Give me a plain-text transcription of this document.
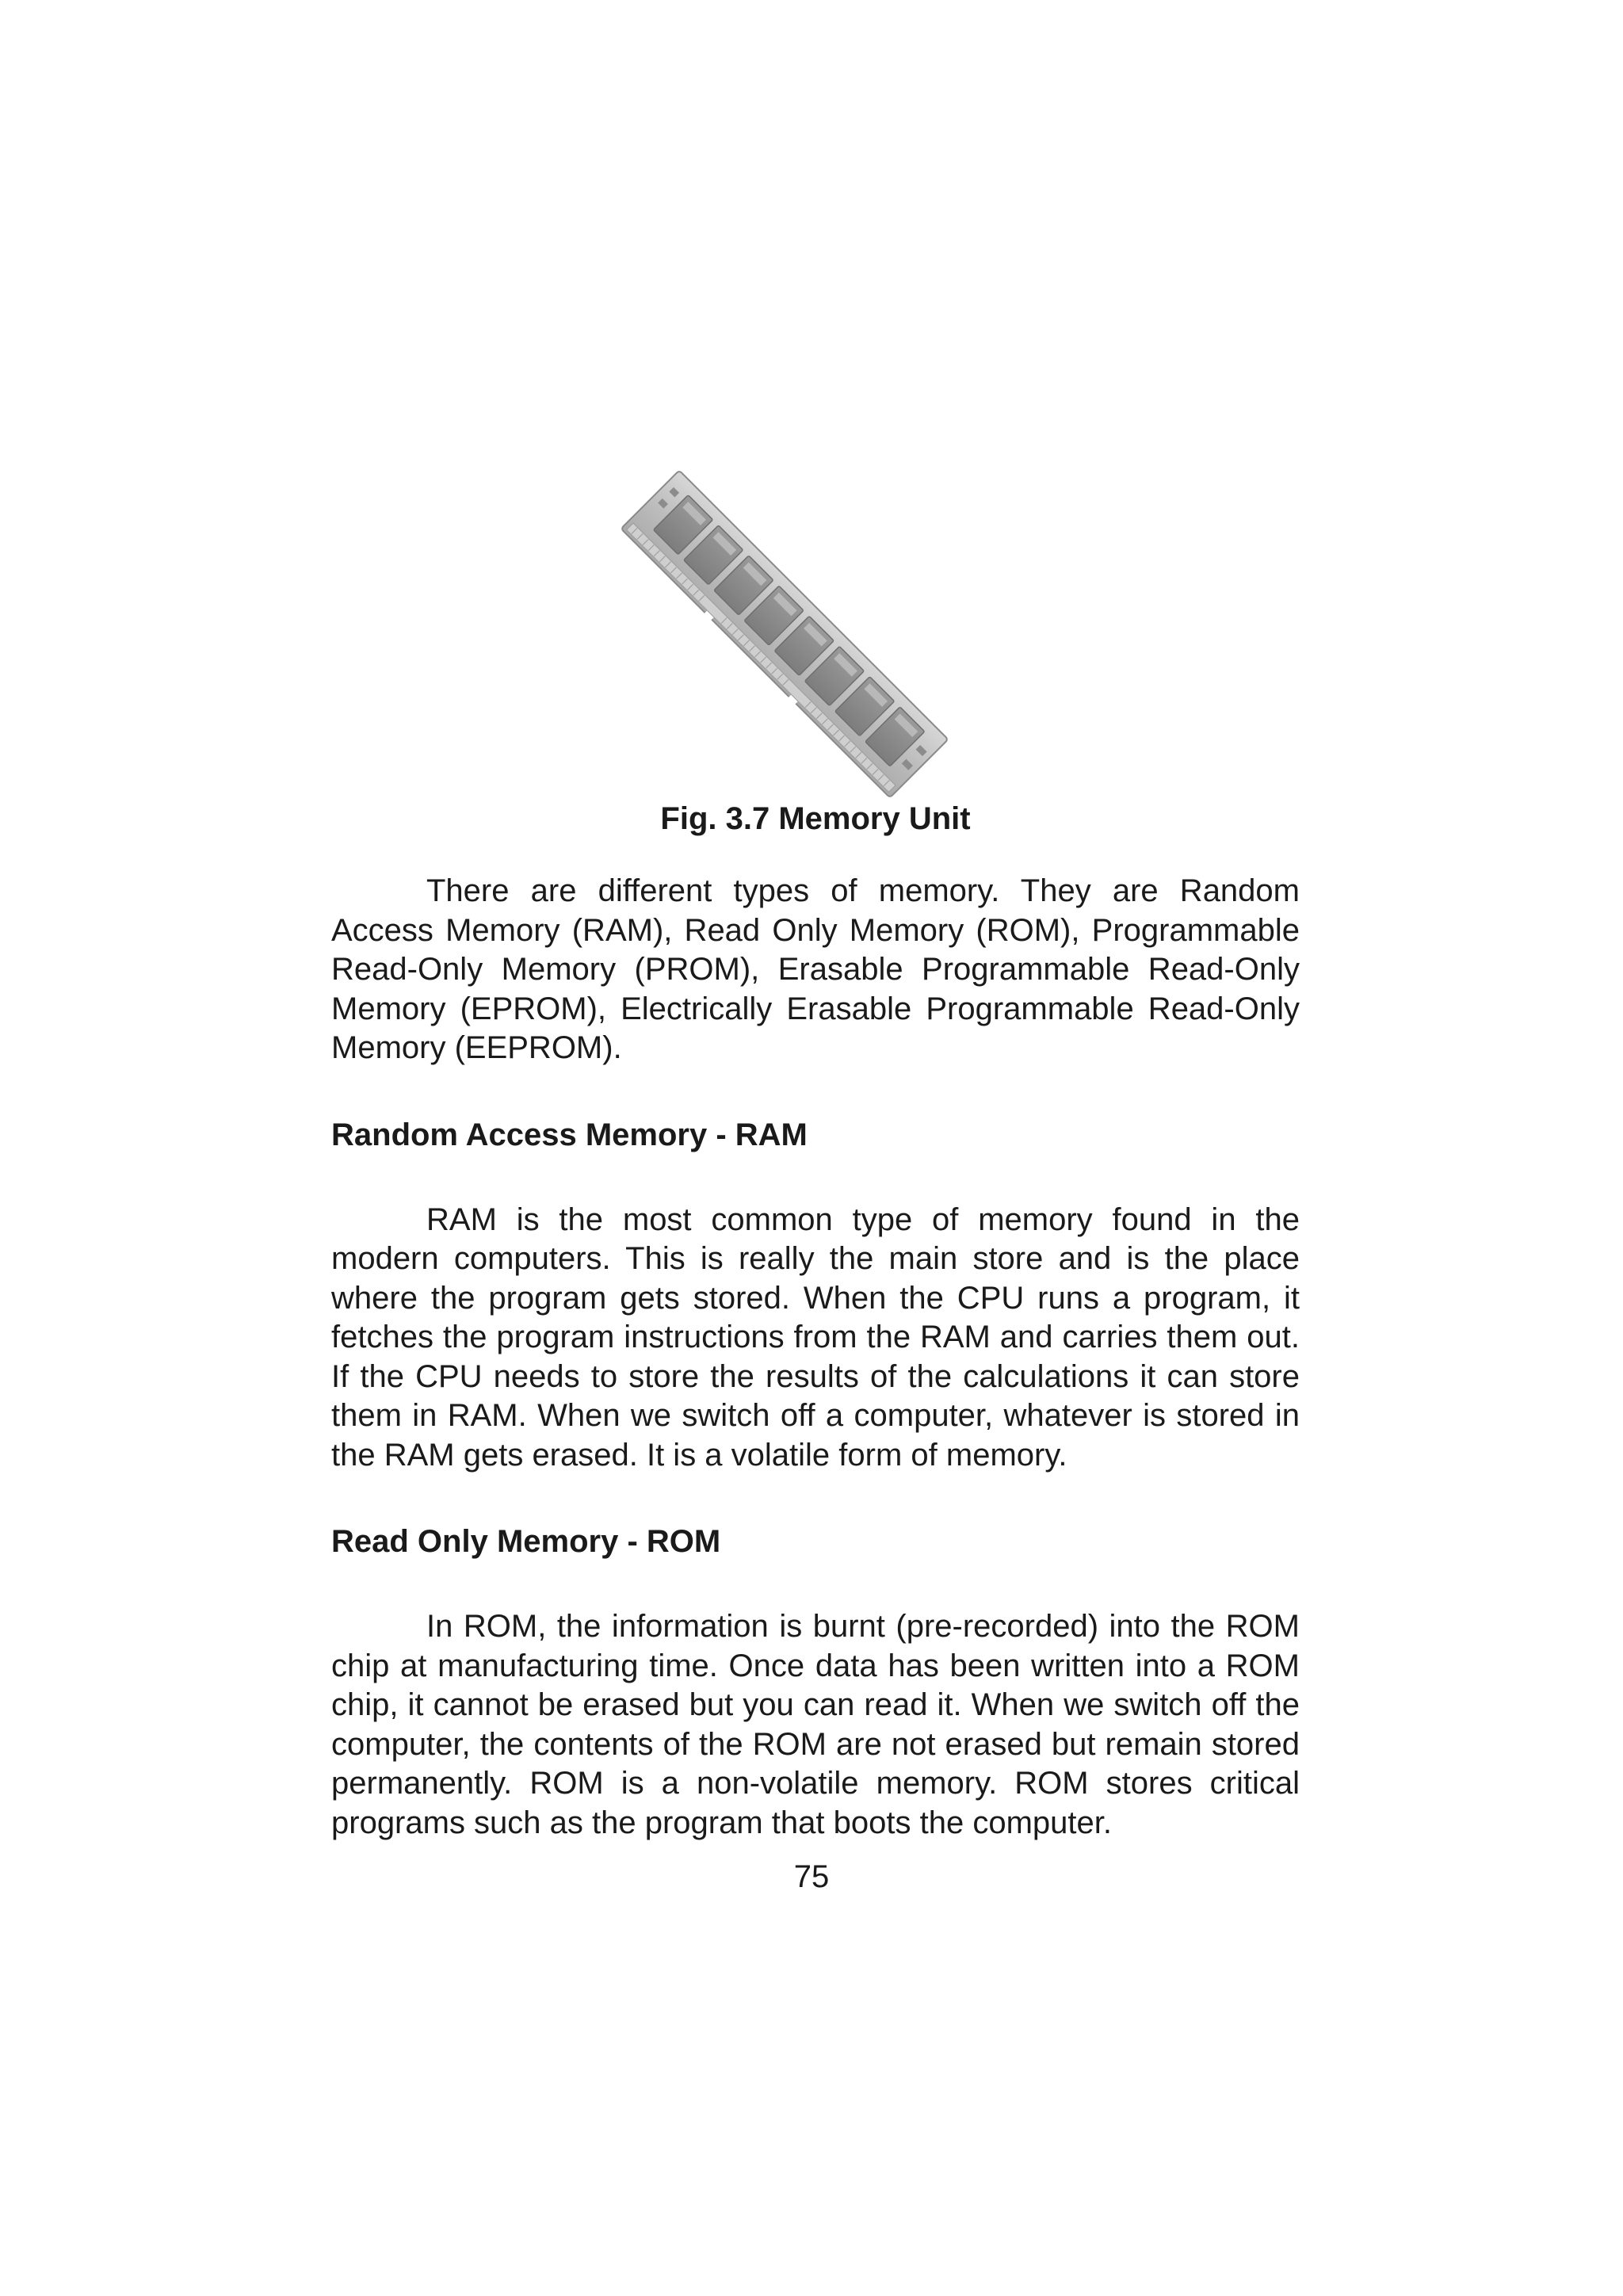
Fig. 3.7 Memory Unit

There are different types of memory. They are Random Access Memory (RAM), Read Only Memory (ROM), Programmable Read-Only Memory (PROM), Erasable Programmable Read-Only Memory (EPROM), Electrically Erasable Programmable Read-Only Memory (EEPROM).

Random Access Memory - RAM

RAM is the most common type of memory found in the modern computers. This is really the main store and is the place where the program gets stored. When the CPU runs a program, it fetches the program instructions from the RAM and carries them out. If the CPU needs to store the results of the calculations it can store them in RAM. When we switch off a computer, whatever is stored in the RAM gets erased. It is a volatile form of memory.

Read Only Memory - ROM

In ROM, the information is burnt (pre-recorded) into the ROM chip at manufacturing time. Once data has been written into a ROM chip, it cannot be erased but you can read it. When we switch off the computer, the contents of the ROM are not erased but remain stored permanently. ROM is a non-volatile memory. ROM stores critical programs such as the program that boots the computer.

75
